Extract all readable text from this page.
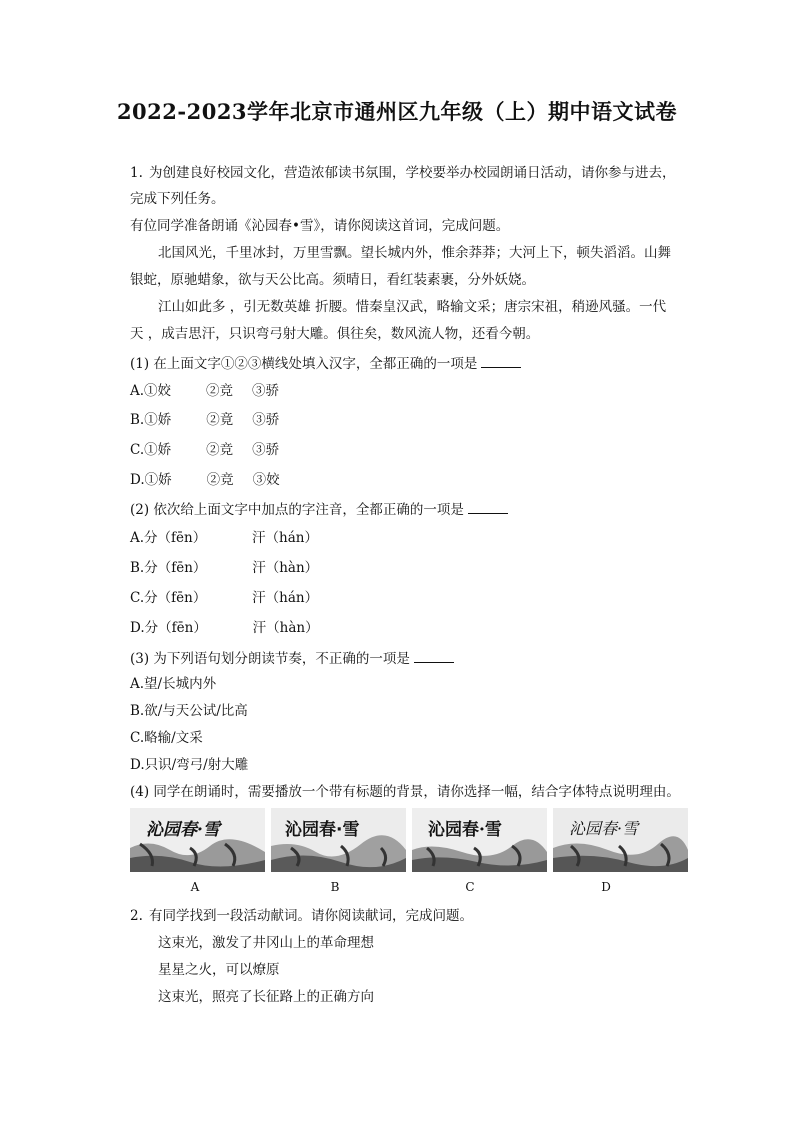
2022-2023学年北京市通州区九年级（上）期中语文试卷
1. 为创建良好校园文化，营造浓郁读书氛围，学校要举办校园朗诵日活动，请你参与进去，
完成下列任务。
有位同学准备朗诵《沁园春•雪》，请你阅读这首词，完成问题。
北国风光，千里冰封，万里雪飘。望长城内外，惟余莽莽；大河上下，顿失滔滔。山舞
银蛇，原驰蜡象，欲与天公比高。须晴日，看红装素裹，分外妖娆。
江山如此多 ，引无数英雄 折腰。惜秦皇汉武，略输文采；唐宗宋祖，稍逊风骚。一代
天 ，成吉思汗，只识弯弓射大雕。俱往矣，数风流人物，还看今朝。
(1) 在上面文字①②③横线处填入汉字，全都正确的一项是
A.①姣	②竞 ③骄
B.①娇	②竟 ③骄
C.①娇	②竞 ③骄
D.①娇	②竞 ③姣
(2) 依次给上面文字中加点的字注音，全都正确的一项是
A.分（fēn）	汗（hán）
B.分（fēn）	汗（hàn）
C.分（fēn）	汗（hán）
D.分（fēn）	汗（hàn）
(3) 为下列语句划分朗读节奏，不正确的一项是
A.望/长城内外
B.欲/与天公试/比高
C.略输/文采
D.只识/弯弓/射大雕
(4) 同学在朗诵时，需要播放一个带有标题的背景，请你选择一幅，结合字体特点说明理由。
沁园春·雪	沁园春·雪	沁园春·雪	沁园春·雪
A	B	C	D
2. 有同学找到一段活动献词。请你阅读献词，完成问题。
这束光，激发了井冈山上的革命理想
星星之火，可以燎原
这束光，照亮了长征路上的正确方向
